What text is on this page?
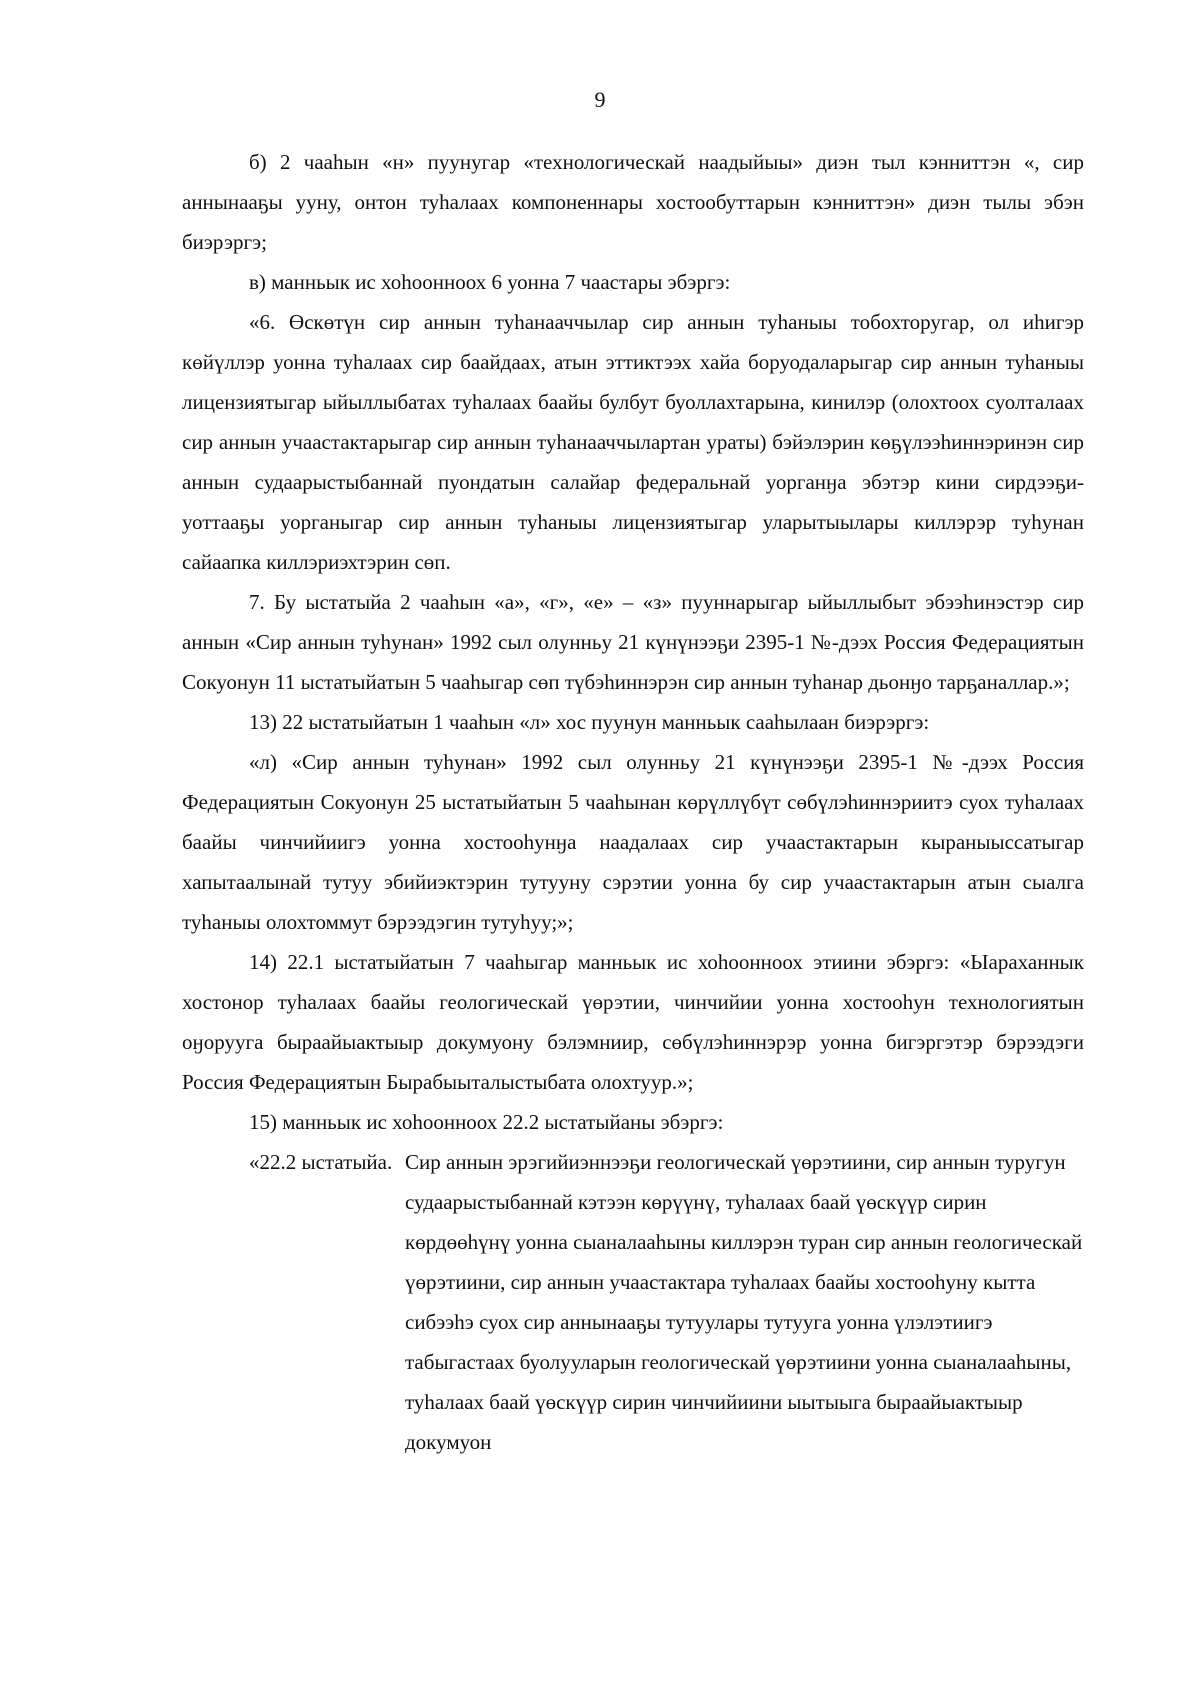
9

б) 2 чааһын «н» пуунугар «технологическай наадыйыы» диэн тыл кэнниттэн «, сир аннынааҕы ууну, онтон туһалаах компоненнары хостообуттарын кэнниттэн» диэн тылы эбэн биэрэргэ;

в) манньык ис хоһоонноох 6 уонна 7 чаастары эбэргэ:

«6. Өскөтүн сир аннын туһанааччылар сир аннын туһаныы тобохторугар, ол иһигэр көйүллэр уонна туһалаах сир баайдаах, атын эттиктээх хайа боруодаларыгар сир аннын туһаныы лицензиятыгар ыйыллыбатах туһалаах баайы булбут буоллахтарына, кинилэр (олохтоох суолталаах сир аннын учаастактарыгар сир аннын туһанааччылартан ураты) бэйэлэрин көҕүлээһиннэринэн сир аннын судаарыстыбаннай пуондатын салайар федеральнай уорганӈа эбэтэр кини сирдээҕи-уоттааҕы уорганыгар сир аннын туһаныы лицензиятыгар уларытыылары киллэрэр туһунан сайаапка киллэриэхтэрин сөп.

7. Бу ыстатыйа 2 чааһын «а», «г», «е» – «з» пууннарыгар ыйыллыбыт эбээһинэстэр сир аннын «Сир аннын туһунан» 1992 сыл олунньу 21 күнүнээҕи 2395-1 №-дээх Россия Федерациятын Сокуонун 11 ыстатыйатын 5 чааһыгар сөп түбэһиннэрэн сир аннын туһанар дьонӈо тарҕаналлар.»;

13) 22 ыстатыйатын 1 чааһын «л» хос пуунун манньык сааһылаан биэрэргэ:

«л) «Сир аннын туһунан» 1992 сыл олунньу 21 күнүнээҕи 2395-1 №-дээх Россия Федерациятын Сокуонун 25 ыстатыйатын 5 чааһынан көрүллүбүт сөбүлэһиннэриитэ суох туһалаах баайы чинчийиигэ уонна хостооһунӈа наадалаах сир учаастактарын кыраныыссатыгар хапытаалынай тутуу эбийиэктэрин тутууну сэрэтии уонна бу сир учаастактарын атын сыалга туһаныы олохтоммут бэрээдэгин тутуһуу;»;

14) 22.1 ыстатыйатын 7 чааһыгар манньык ис хоһоонноох этиини эбэргэ: «Ыараханнык хостонор туһалаах баайы геологическай үөрэтии, чинчийии уонна хостооһун технологиятын оӈоруугa быраайыактыыр докумуону бэлэмниир, сөбүлэһиннэрэр уонна бигэргэтэр бэрээдэги Россия Федерациятын Бырабыыталыстыбата олохтуур.»;

15) манньык ис хоһоонноох 22.2 ыстатыйаны эбэргэ:

«22.2 ыстатыйа. Сир аннын эрэгийиэннээҕи геологическай үөрэтиини, сир аннын туругун судаарыстыбаннай кэтээн көрүүнү, туһалаах баай үөскүүр сирин көрдөөһүнү уонна сыаналааһыны киллэрэн туран сир аннын геологическай үөрэтиини, сир аннын учаастактара туһалаах баайы хостооһуну кытта сибээһэ суох сир аннынааҕы тутуулары тутууга уонна үлэлэтиигэ табыгастаах буолууларын геологическай үөрэтиини уонна сыаналааһыны, туһалаах баай үөскүүр сирин чинчийиини ыытыыга быраайыактыыр докумуон
